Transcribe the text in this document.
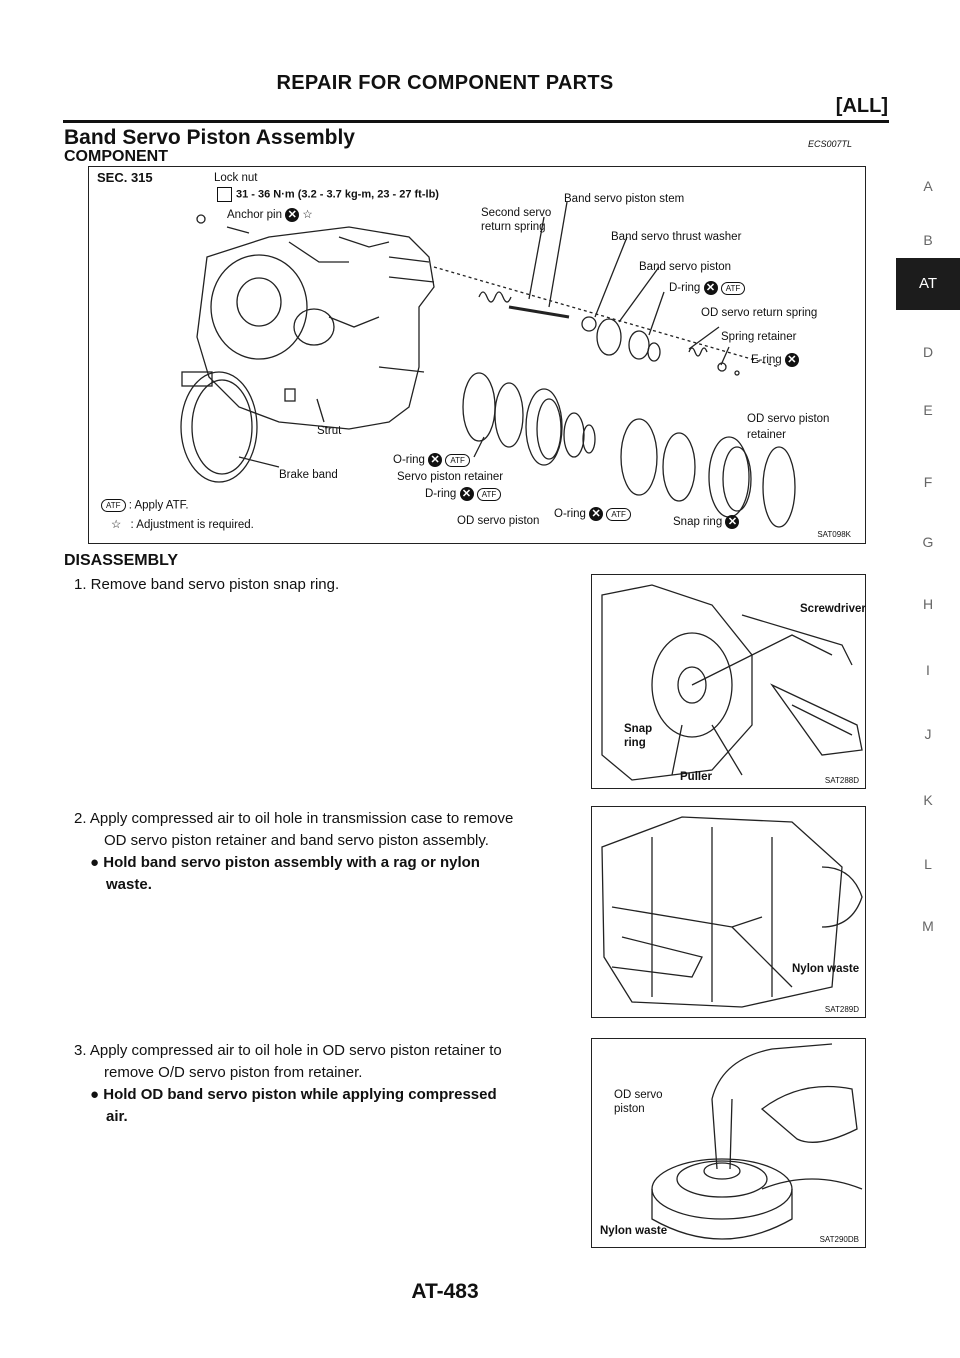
REPAIR FOR COMPONENT PARTS
[ALL]
Band Servo Piston Assembly	ECS007TL
COMPONENT
SEC. 315	Lock nut
31 - 36 N·m (3.2 - 3.7 kg-m, 23 - 27 ft-lb)
Anchor pin ✕ ☆	Second servo
return spring
Band servo piston stem
Band servo thrust washer
Band servo piston
D-ring ✕ ATF
OD servo return spring
Spring retainer
E-ring ✕
OD servo piston
retainer
Strut
Brake band
O-ring ✕ ATF
Servo piston retainer
D-ring ✕ ATF
OD servo piston
O-ring ✕ ATF
Snap ring ✕
ATF : Apply ATF.
☆ : Adjustment is required.
SAT098K
DISASSEMBLY
1. Remove band servo piston snap ring.
Screwdriver
Snap
ring
Puller	SAT288D
2. Apply compressed air to oil hole in transmission case to remove
OD servo piston retainer and band servo piston assembly.
● Hold band servo piston assembly with a rag or nylon
waste.
Nylon waste
SAT289D
3. Apply compressed air to oil hole in OD servo piston retainer to
remove O/D servo piston from retainer.
● Hold OD band servo piston while applying compressed
air.
OD servo
piston
Nylon waste
SAT290DB
A
B
AT
D
E
F
G
H
I
J
K
L
M
AT-483
